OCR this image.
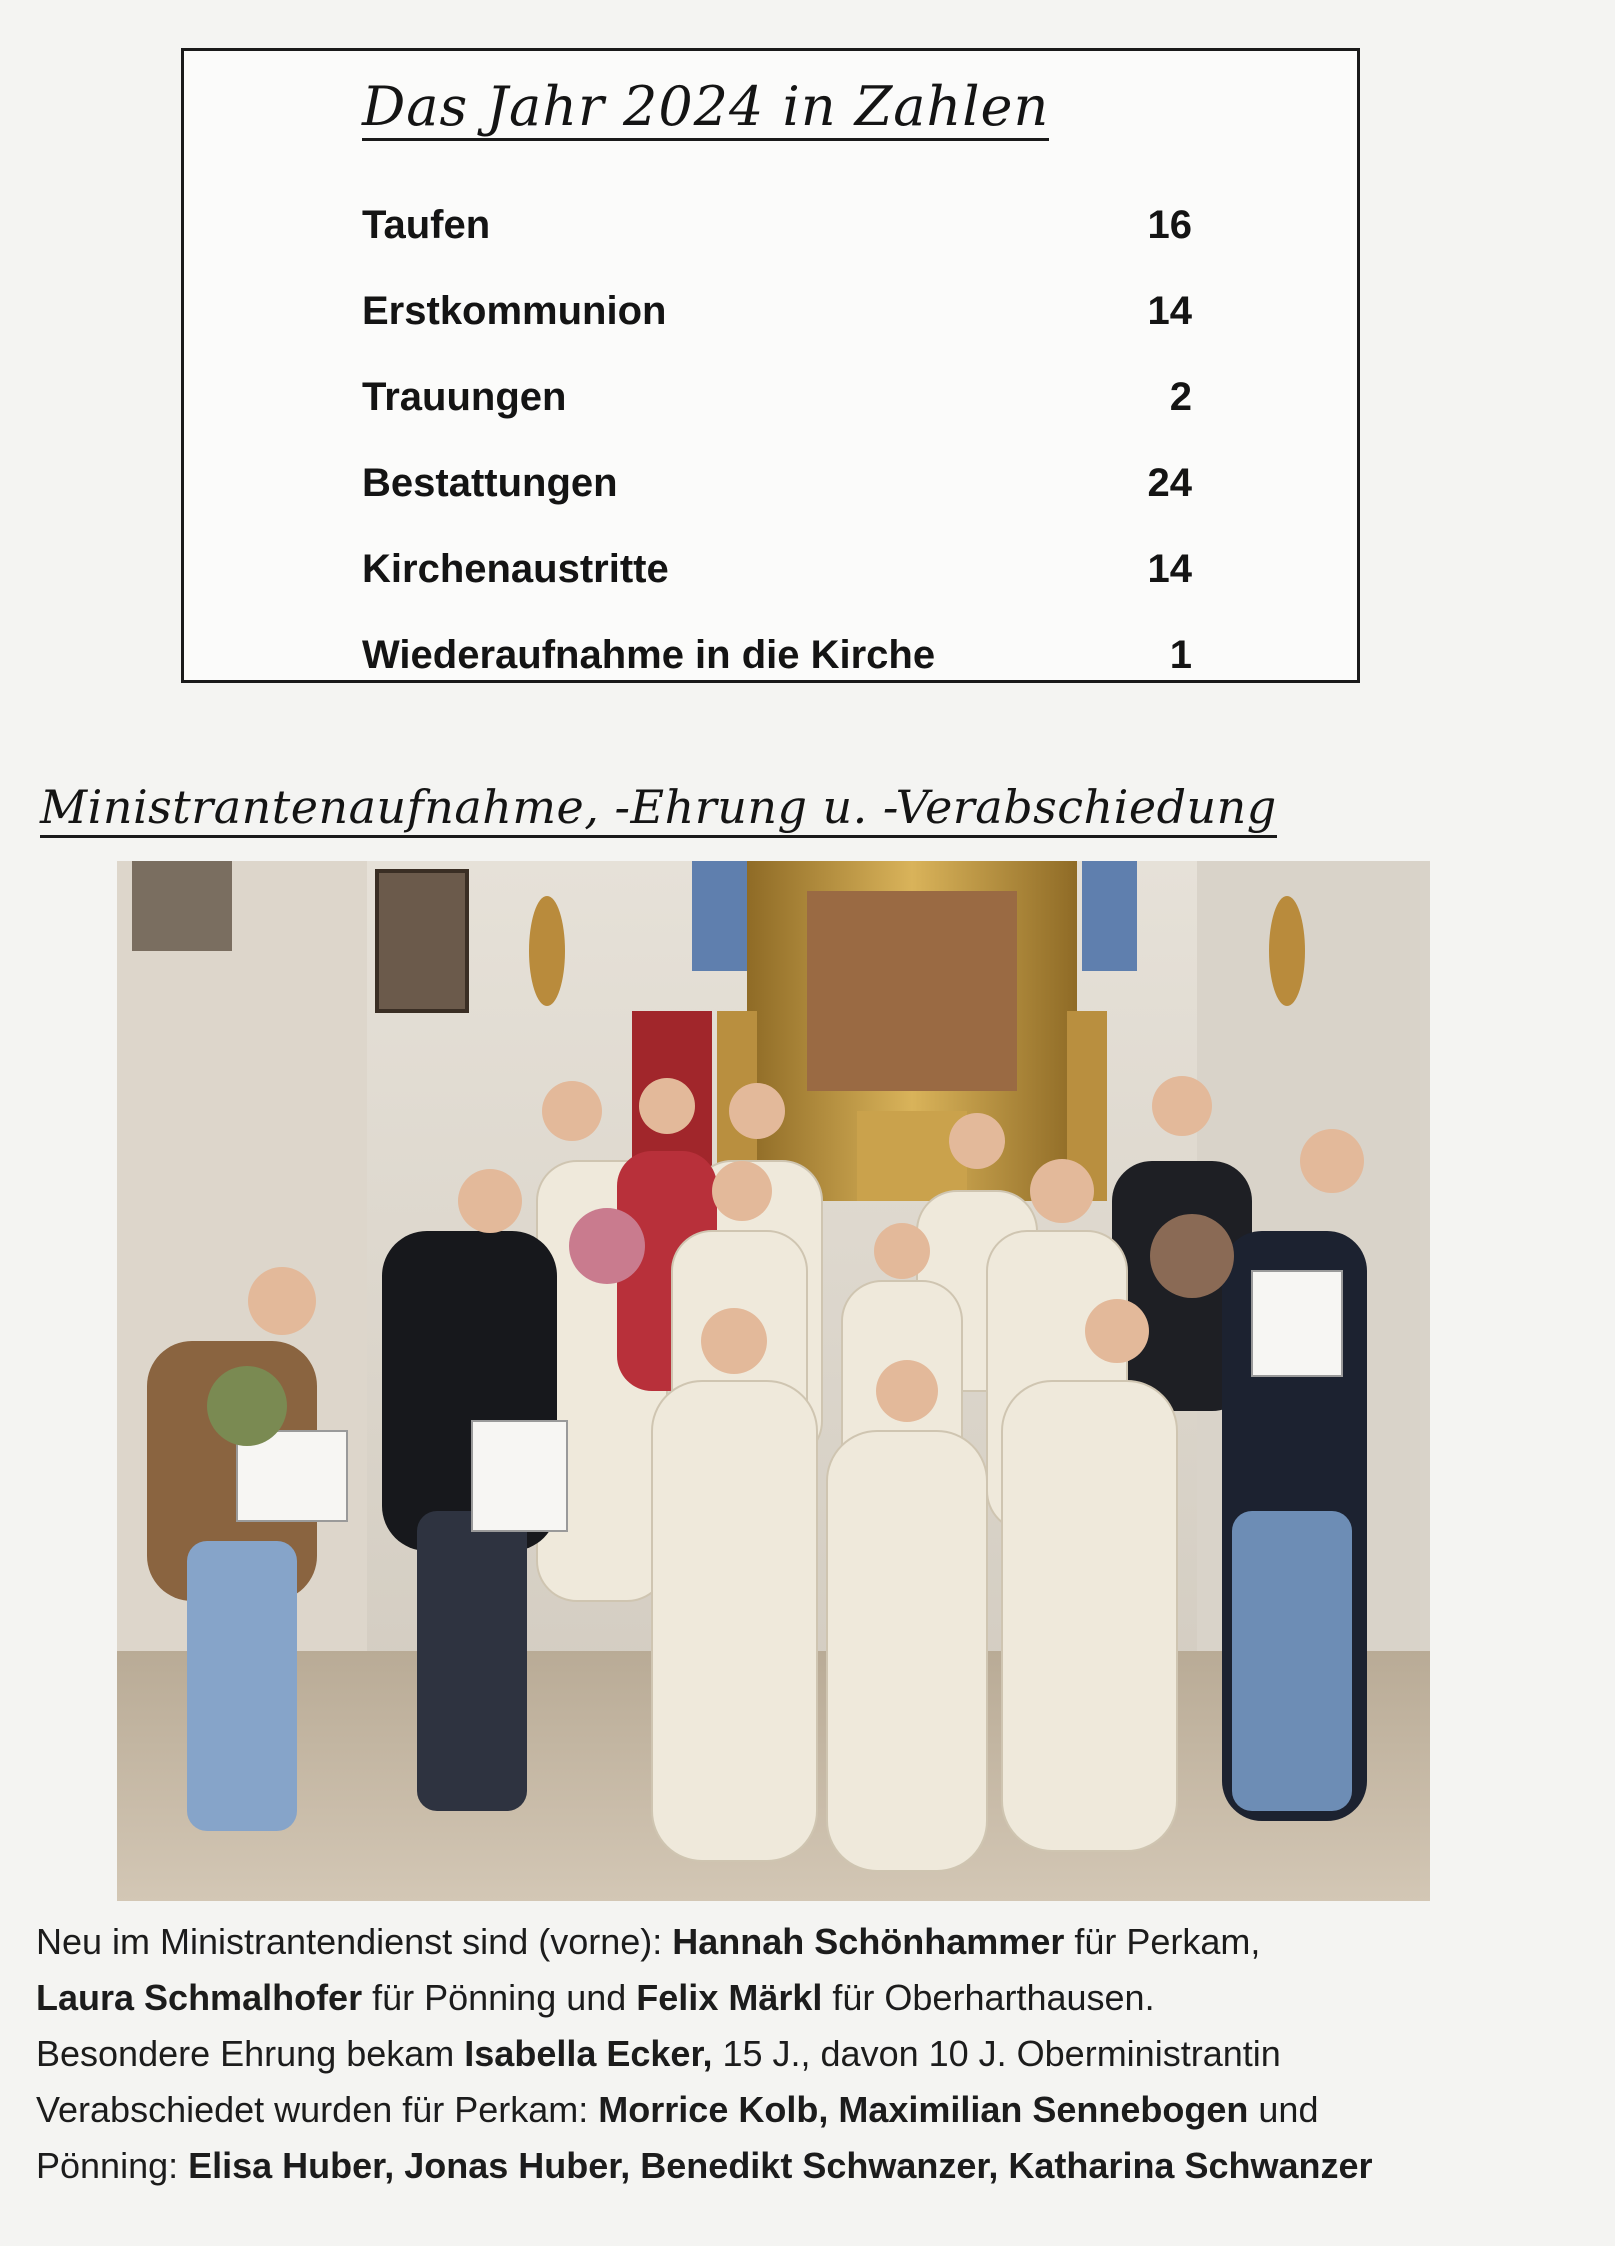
Das Jahr 2024 in Zahlen
Taufen	16
Erstkommunion	14
Trauungen	2
Bestattungen	24
Kirchenaustritte	14
Wiederaufnahme in die Kirche	1
Ministrantenaufnahme, -Ehrung u. -Verabschiedung

Neu im Ministrantendienst sind (vorne): Hannah Schönhammer für Perkam,

Laura Schmalhofer für Pönning und Felix Märkl für Oberharthausen.

Besondere Ehrung bekam Isabella Ecker, 15 J., davon 10 J. Oberministrantin

Verabschiedet wurden für Perkam: Morrice Kolb, Maximilian Sennebogen und

Pönning: Elisa Huber, Jonas Huber, Benedikt Schwanzer, Katharina Schwanzer
